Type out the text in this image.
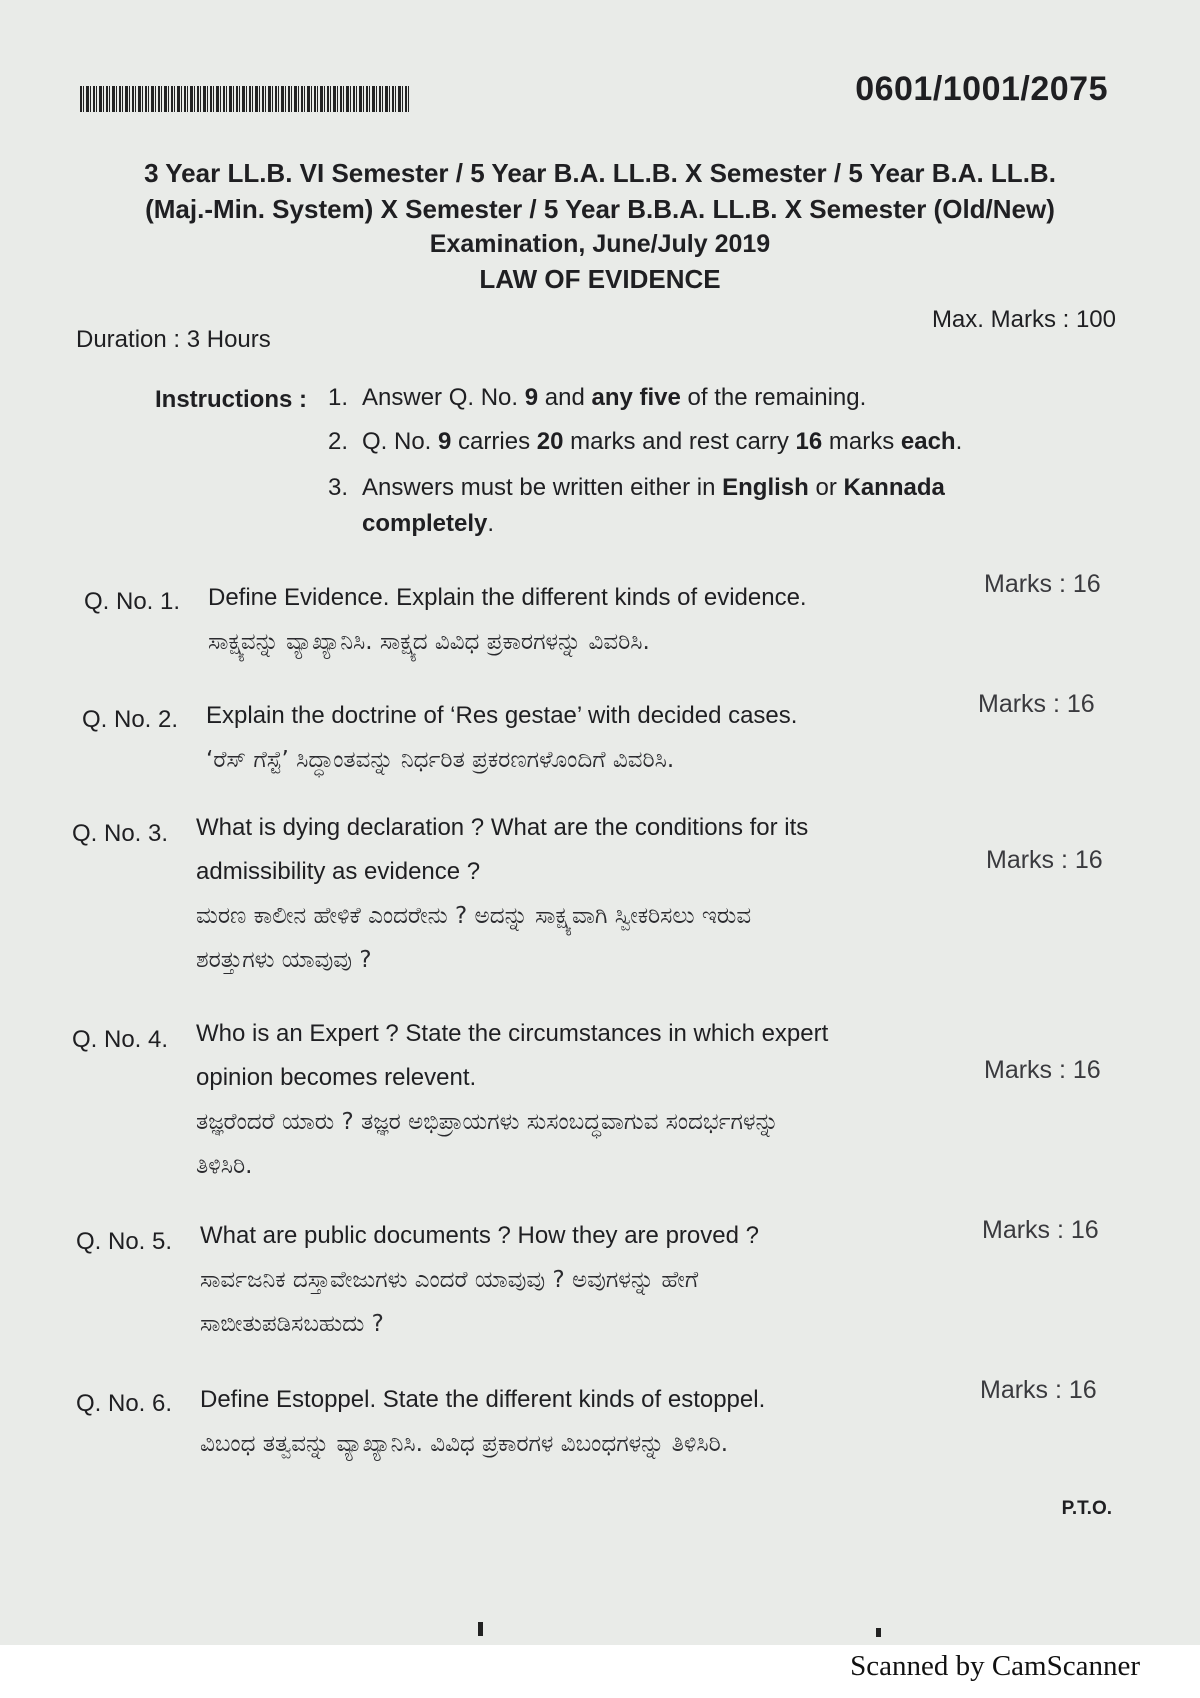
0601/1001/2075
3 Year LL.B. VI Semester / 5 Year B.A. LL.B. X Semester / 5 Year B.A. LL.B.
(Maj.-Min. System) X Semester / 5 Year B.B.A. LL.B. X Semester (Old/New)
Examination, June/July 2019
LAW OF EVIDENCE
Duration : 3 Hours
Max. Marks : 100
Instructions : 1. Answer Q. No. 9 and any five of the remaining.
2. Q. No. 9 carries 20 marks and rest carry 16 marks each.
3. Answers must be written either in English or Kannada
completely.
Q. No. 1. Define Evidence. Explain the different kinds of evidence.
ಸಾಕ್ಷ್ಯವನ್ನು ವ್ಯಾಖ್ಯಾನಿಸಿ. ಸಾಕ್ಷ್ಯದ ವಿವಿಧ ಪ್ರಕಾರಗಳನ್ನು ವಿವರಿಸಿ.
Marks : 16
Q. No. 2. Explain the doctrine of ‘Res gestae’ with decided cases.
‘ರೆಸ್ ಗೆಸ್ಟೆ’ ಸಿದ್ಧಾಂತವನ್ನು ನಿರ್ಧರಿತ ಪ್ರಕರಣಗಳೊಂದಿಗೆ ವಿವರಿಸಿ.
Marks : 16
Q. No. 3. What is dying declaration ? What are the conditions for its
admissibility as evidence ?
ಮರಣ ಕಾಲೀನ ಹೇಳಿಕೆ ಎಂದರೇನು ? ಅದನ್ನು ಸಾಕ್ಷ್ಯವಾಗಿ ಸ್ವೀಕರಿಸಲು ಇರುವ
ಶರತ್ತುಗಳು ಯಾವುವು ?
Marks : 16
Q. No. 4. Who is an Expert ? State the circumstances in which expert
opinion becomes relevent.
ತಜ್ಞರೆಂದರೆ ಯಾರು ? ತಜ್ಞರ ಅಭಿಪ್ರಾಯಗಳು ಸುಸಂಬದ್ಧವಾಗುವ ಸಂದರ್ಭಗಳನ್ನು
ತಿಳಿಸಿರಿ.
Marks : 16
Q. No. 5. What are public documents ? How they are proved ?
ಸಾರ್ವಜನಿಕ ದಸ್ತಾವೇಜುಗಳು ಎಂದರೆ ಯಾವುವು ? ಅವುಗಳನ್ನು ಹೇಗೆ
ಸಾಬೀತುಪಡಿಸಬಹುದು ?
Marks : 16
Q. No. 6. Define Estoppel. State the different kinds of estoppel.
ವಿಬಂಧ ತತ್ವವನ್ನು ವ್ಯಾಖ್ಯಾನಿಸಿ. ವಿವಿಧ ಪ್ರಕಾರಗಳ ವಿಬಂಧಗಳನ್ನು ತಿಳಿಸಿರಿ.
Marks : 16
P.T.O.
Scanned by CamScanner
